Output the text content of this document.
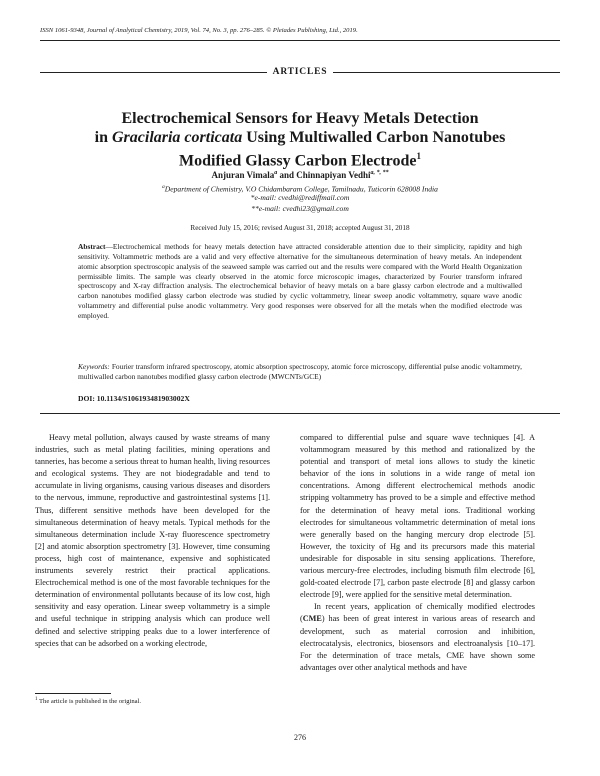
ISSN 1061-9348, Journal of Analytical Chemistry, 2019, Vol. 74, No. 3, pp. 276–285. © Pleiades Publishing, Ltd., 2019.
ARTICLES
Electrochemical Sensors for Heavy Metals Detection
in Gracilaria corticata Using Multiwalled Carbon Nanotubes
Modified Glassy Carbon Electrode$^1$
Anjuran Vimala$^a$ and Chinnapiyan Vedhi$^{a, *, **}$
$^a$Department of Chemistry, V.O Chidambaram College, Tamilnadu, Tuticorin 628008 India
*e-mail: cvedhi@rediffmail.com
**e-mail: cvedhi23@gmail.com
Received July 15, 2016; revised August 31, 2018; accepted August 31, 2018

Abstract—Electrochemical methods for heavy metals detection have attracted considerable attention due to their simplicity, rapidity and high sensitivity. Voltammetric methods are a valid and very effective alternative for the simultaneous determination of heavy metals. An independent atomic absorption spectroscopic analysis of the seaweed sample was carried out and the results were compared with the World Health Organization permissible limits. The sample was clearly observed in the atomic force microscopic images, characterized by Fourier transform infrared spectroscopy and X-ray diffraction analysis. The electrochemical behavior of heavy metals on a bare glassy carbon electrode and a multiwalled carbon nanotubes modified glassy carbon electrode was studied by cyclic voltammetry, linear sweep anodic voltammetry, square wave anodic voltammetry and differential pulse anodic voltammetry. Very good responses were observed for all the metals when the modified electrode was employed.

Keywords: Fourier transform infrared spectroscopy, atomic absorption spectroscopy, atomic force microscopy, differential pulse anodic voltammetry, multiwalled carbon nanotubes modified glassy carbon electrode (MWCNTs/GCE)

DOI: 10.1134/S106193481903002X

Heavy metal pollution, always caused by waste streams of many industries, such as metal plating facilities, mining operations and tanneries, has become a serious threat to human health, living resources and ecological systems. They are not biodegradable and tend to accumulate in living organisms, causing various diseases and disorders to the nervous, immune, reproductive and gastrointestinal systems [1]. Thus, different sensitive methods have been developed for the simultaneous determination of heavy metals. Typical methods for the simultaneous determination include X-ray fluorescence spectrometry [2] and atomic absorption spectrometry [3]. However, time consuming process, high cost of maintenance, expensive and sophisticated instruments severely restrict their practical applications. Electrochemical method is one of the most favorable techniques for the determination of environmental pollutants because of its low cost, high sensitivity and easy operation. Linear sweep voltammetry is a simple and useful technique in stripping analysis which can produce well defined and selective stripping peaks due to a lower interference of species that can be adsorbed on a working electrode,

compared to differential pulse and square wave techniques [4]. A voltammogram measured by this method and rationalized by the potential and transport of metal ions allows to study the kinetic behavior of the ions in solutions in a wide range of metal ion concentrations. Among different electrochemical methods anodic stripping voltammetry has proved to be a simple and effective method for the determination of heavy metal ions. Traditional working electrodes for simultaneous voltammetric determination of metal ions were generally based on the hanging mercury drop electrode [5]. However, the toxicity of Hg and its precursors made this material undesirable for disposable in situ sensing applications. Therefore, various mercury-free electrodes, including bismuth film electrode [6], gold-coated electrode [7], carbon paste electrode [8] and glassy carbon electrode [9], were applied for the sensitive metal determination.

In recent years, application of chemically modified electrodes (CME) has been of great interest in various areas of research and development, such as material corrosion and inhibition, electrocatalysis, electronics, biosensors and electroanalysis [10–17]. For the determination of trace metals, CME have shown some advantages over other analytical methods and have

$^1$ The article is published in the original.
276
